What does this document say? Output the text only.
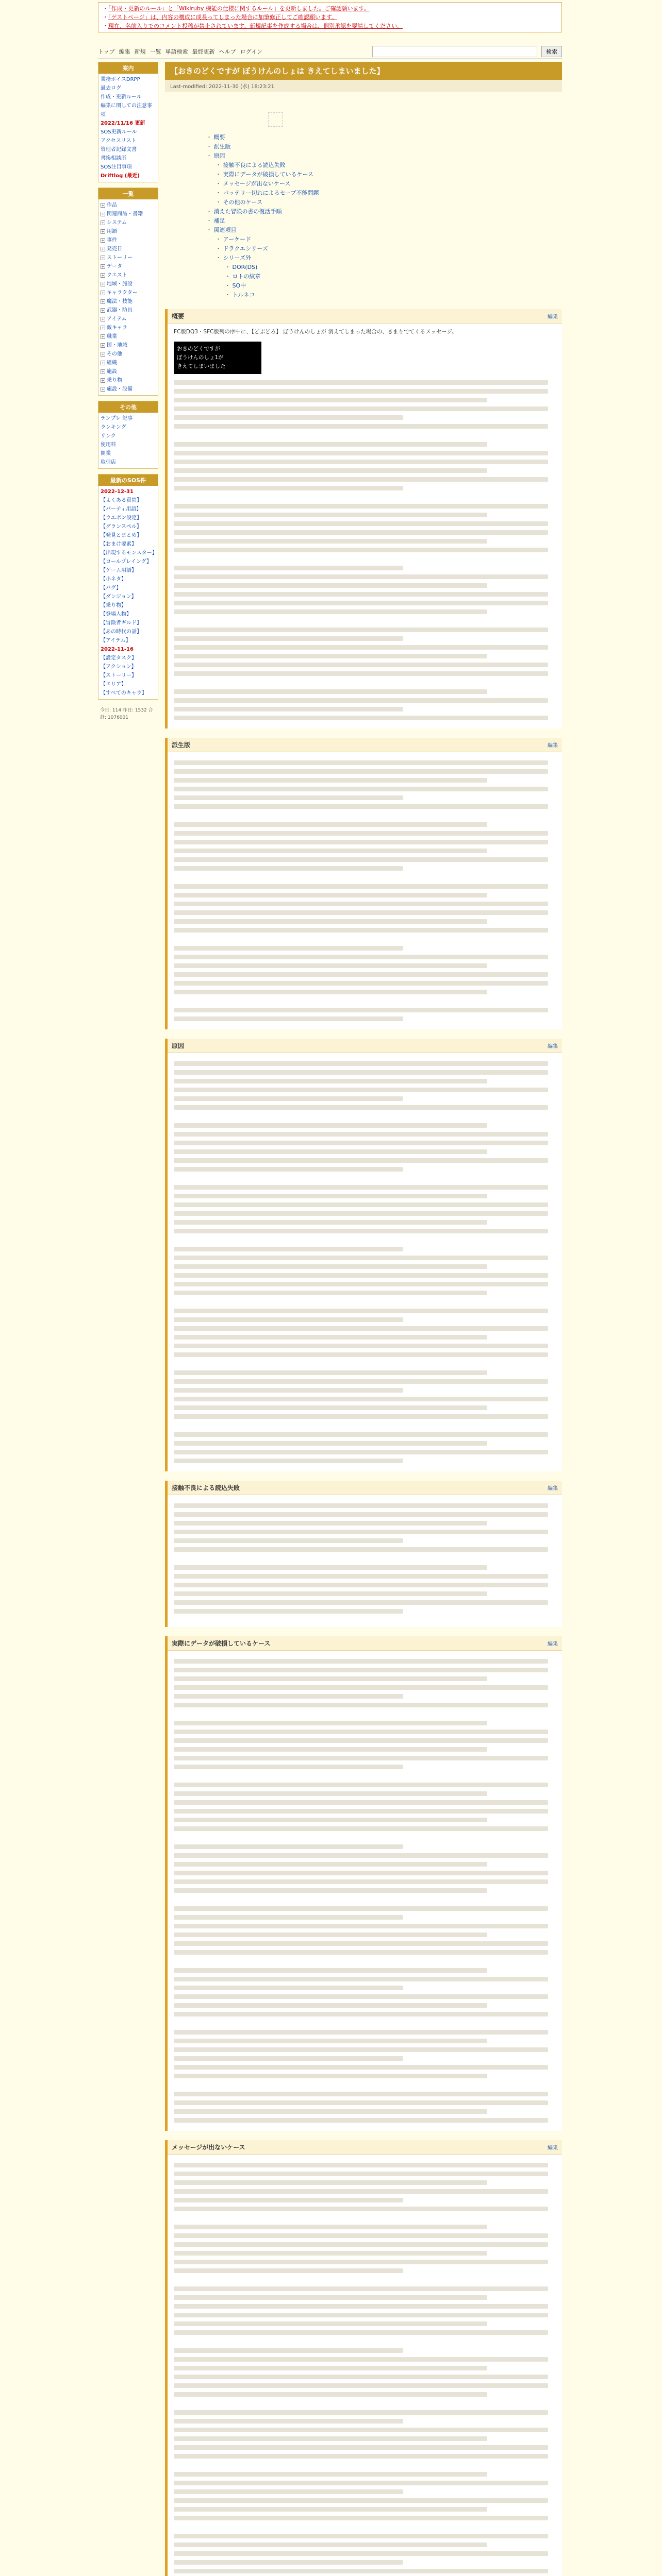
・ 「作成・更新のルール」と「Wikiruby 機能の仕様に関するルール」を更新しました。ご確認願います。
・ 「ゲストページ」は、内容の構成に成長ってしまった場合に加筆修正してご確認願います。
・ 現在、名前入りでのコメント投稿が禁止されています。新規記事を作成する場合は、個別承認を要請してください。
トップ 編集 新規 一覧 単語検索 最終更新 ヘルプ ログイン	検索
案内
業務ボイスDRPP
過去ログ
作成・更新ルール
編集に関しての注意事項
2022/11/16 更新
SOS更新ルール
アクセスリスト
管理者記録文書
書換相談所
SOS注目事項
Driftlog (最近)
一覧
+ 作品
+ 関連商品・書籍
+ システム
+ 用語
+ 事件
+ 発売日
+ ストーリー
+ データ
+ クエスト
+ 地域・施設
+ キャラクター
+ 魔法・技能
+ 武器・防具
+ アイテム
+ 敵キャラ
+ 職業
+ 国・地域
+ その他
+ 組織
+ 施設
+ 乗り物
+ 施設・設備
その他
テンプレ 記事
ランキング
リンク
使用料
開業
取引店
最新のSOS件
2022-12-31
【よくある質問】
【パーティ用語】
【ウエポン設定】
【グランスペル】
【発見とまとめ】
【おまけ要素】
【出現するモンスター】
【ロールプレイング】
【ゲーム用語】
【小ネタ】
【バグ】
【ダンジョン】
【乗り物】
【登場人物】
【冒険者ギルド】
【あの時代の話】
【アイテム】
2022-11-16
【設定タスク】
【アクション】
【ストーリー】
【エリア】
【すべてのキャラ】
今日: 114 昨日: 1532 合計: 1076001
【おきのどくですが ぼうけんのしょは きえてしまいました】
Last-modified: 2022-11-30 (水) 18:23:21
・ 概要
・ 派生版
・ 原因
・ 接触不良による読込失敗
・ 実際にデータが破損しているケース
・ メッセージが出ないケース
・ バッテリー切れによるセーブ不能問題
・ その他のケース
・ 消えた冒険の書の復活手順
・ 補足
・ 関連項目
・ アーケード
・ ドラクエシリーズ
・ シリーズ外
・ DOR(DS)
・ ロトの紋章
・ SO中
・ トルネコ
概要	編集

FC版DQ3・SFC版列の序中に、【どぶどろ】 ぼうけんのしょが 消えてしまった場合の、きまりでてくるメッセージ。

おきのどくですが
ぼうけんのしょ1が
きえてしまいました
派生版	編集
原因	編集
接触不良による読込失敗	編集
実際にデータが破損しているケース	編集
メッセージが出ないケース	編集
